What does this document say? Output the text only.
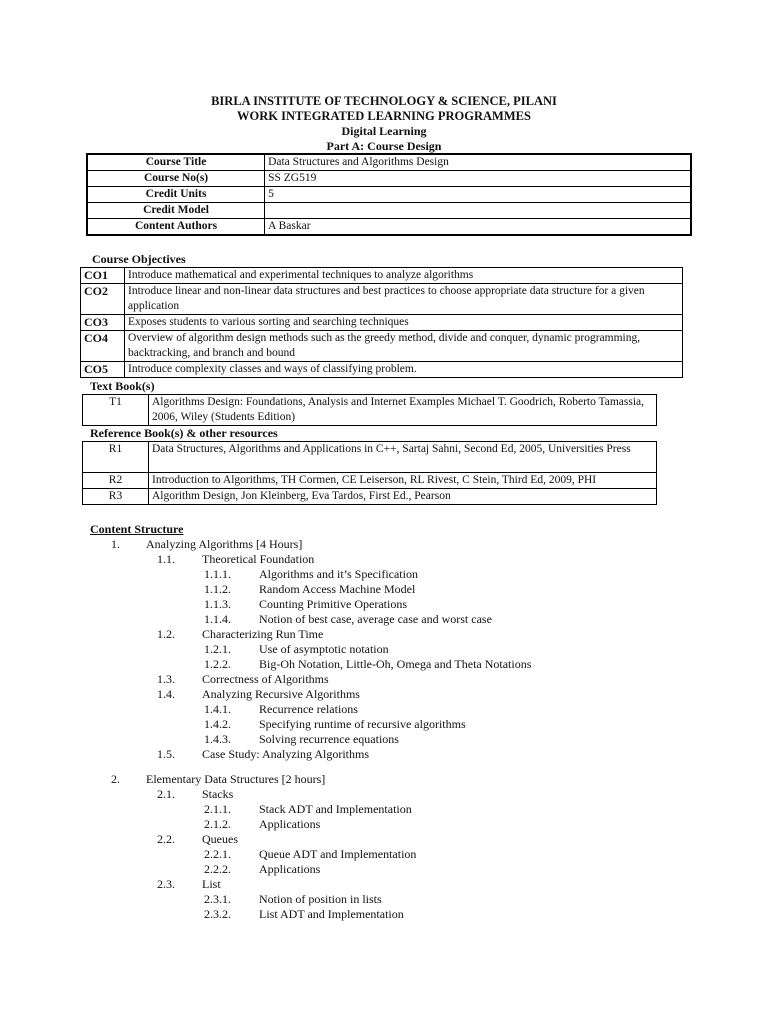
BIRLA INSTITUTE OF TECHNOLOGY & SCIENCE, PILANI
WORK INTEGRATED LEARNING PROGRAMMES
Digital Learning
Part A: Course Design
Course Title	Data Structures and Algorithms Design
Course No(s)	SS ZG519
Credit Units	5
Credit Model	
Content Authors	A Baskar
Course Objectives
CO1	Introduce mathematical and experimental techniques to analyze algorithms
CO2	Introduce linear and non-linear data structures and best practices to choose appropriate data structure for a given application
CO3	Exposes students to various sorting and searching techniques
CO4	Overview of algorithm design methods such as the greedy method, divide and conquer, dynamic programming, backtracking, and branch and bound
CO5	Introduce complexity classes and ways of classifying problem.
Text Book(s)
T1	Algorithms Design: Foundations, Analysis and Internet Examples Michael T. Goodrich, Roberto Tamassia, 2006, Wiley (Students Edition)
Reference Book(s) & other resources
R1	Data Structures, Algorithms and Applications in C++, Sartaj Sahni, Second Ed, 2005, Universities Press
R2	Introduction to Algorithms, TH Cormen, CE Leiserson, RL Rivest, C Stein, Third Ed, 2009, PHI
R3	Algorithm Design, Jon Kleinberg, Eva Tardos, First Ed., Pearson
Content Structure
1. Analyzing Algorithms [4 Hours]
1.1. Theoretical Foundation
1.1.1. Algorithms and it’s Specification
1.1.2. Random Access Machine Model
1.1.3. Counting Primitive Operations
1.1.4. Notion of best case, average case and worst case
1.2. Characterizing Run Time
1.2.1. Use of asymptotic notation
1.2.2. Big-Oh Notation, Little-Oh, Omega and Theta Notations
1.3. Correctness of Algorithms
1.4. Analyzing Recursive Algorithms
1.4.1. Recurrence relations
1.4.2. Specifying runtime of recursive algorithms
1.4.3. Solving recurrence equations
1.5. Case Study: Analyzing Algorithms
2. Elementary Data Structures [2 hours]
2.1. Stacks
2.1.1. Stack ADT and Implementation
2.1.2. Applications
2.2. Queues
2.2.1. Queue ADT and Implementation
2.2.2. Applications
2.3. List
2.3.1. Notion of position in lists
2.3.2. List ADT and Implementation
